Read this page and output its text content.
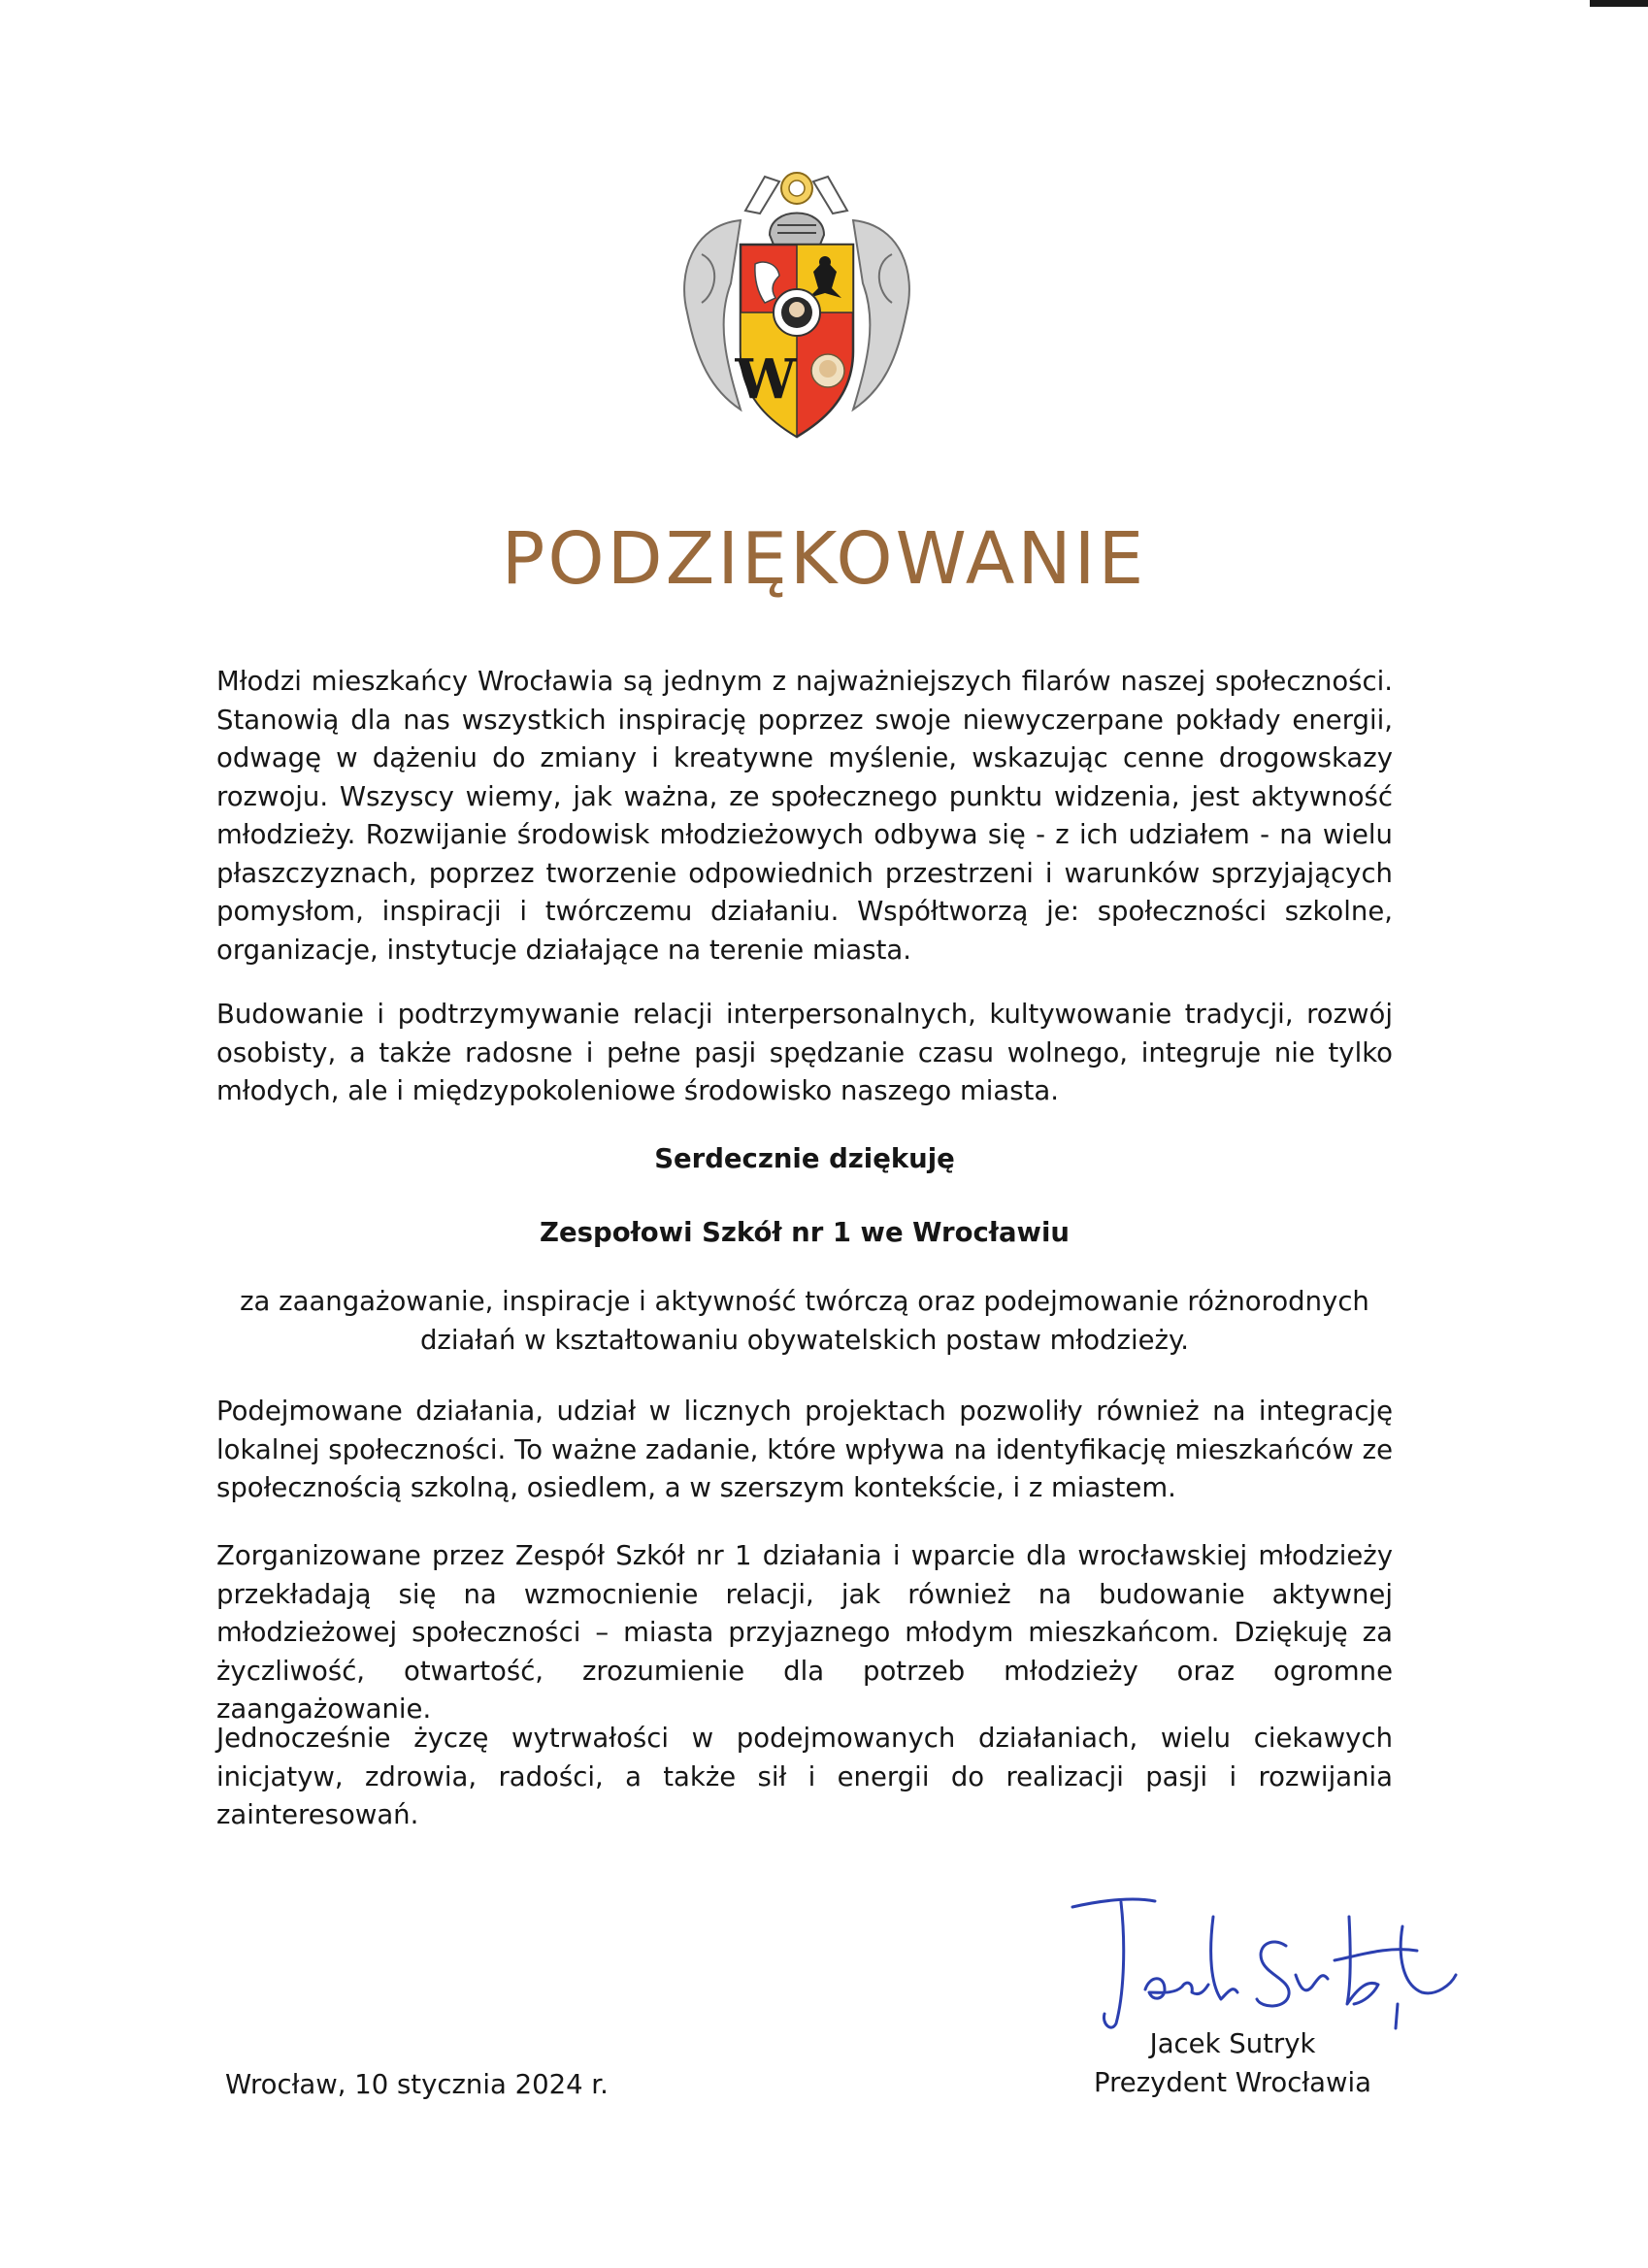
W
PODZIĘKOWANIE

Młodzi mieszkańcy Wrocławia są jednym z najważniejszych filarów naszej społeczności. Stanowią dla nas wszystkich inspirację poprzez swoje niewyczerpane pokłady energii, odwagę w dążeniu do zmiany i kreatywne myślenie, wskazując cenne drogowskazy rozwoju. Wszyscy wiemy, jak ważna, ze społecznego punktu widzenia, jest aktywność młodzieży. Rozwijanie środowisk młodzieżowych odbywa się - z ich udziałem - na wielu płaszczyznach, poprzez tworzenie odpowiednich przestrzeni i warunków sprzyjających pomysłom, inspiracji i twórczemu działaniu. Współtworzą je: społeczności szkolne, organizacje, instytucje działające na terenie miasta.

Budowanie i podtrzymywanie relacji interpersonalnych, kultywowanie tradycji, rozwój osobisty, a także radosne i pełne pasji spędzanie czasu wolnego, integruje nie tylko młodych, ale i międzypokoleniowe środowisko naszego miasta.

Serdecznie dziękuję

Zespołowi Szkół nr 1 we Wrocławiu

za zaangażowanie, inspiracje i aktywność twórczą oraz podejmowanie różnorodnych działań w kształtowaniu obywatelskich postaw młodzieży.

Podejmowane działania, udział w licznych projektach pozwoliły również na integrację lokalnej społeczności. To ważne zadanie, które wpływa na identyfikację mieszkańców ze społecznością szkolną, osiedlem, a w szerszym kontekście, i z miastem.

Zorganizowane przez Zespół Szkół nr 1 działania i wparcie dla wrocławskiej młodzieży przekładają się na wzmocnienie relacji, jak również na budowanie aktywnej młodzieżowej społeczności – miasta przyjaznego młodym mieszkańcom. Dziękuję za życzliwość, otwartość, zrozumienie dla potrzeb młodzieży oraz ogromne zaangażowanie.

Jednocześnie życzę wytrwałości w podejmowanych działaniach, wielu ciekawych inicjatyw, zdrowia, radości, a także sił i energii do realizacji pasji i rozwijania zainteresowań.

Jacek Sutryk

Prezydent Wrocławia

Wrocław, 10 stycznia 2024 r.
